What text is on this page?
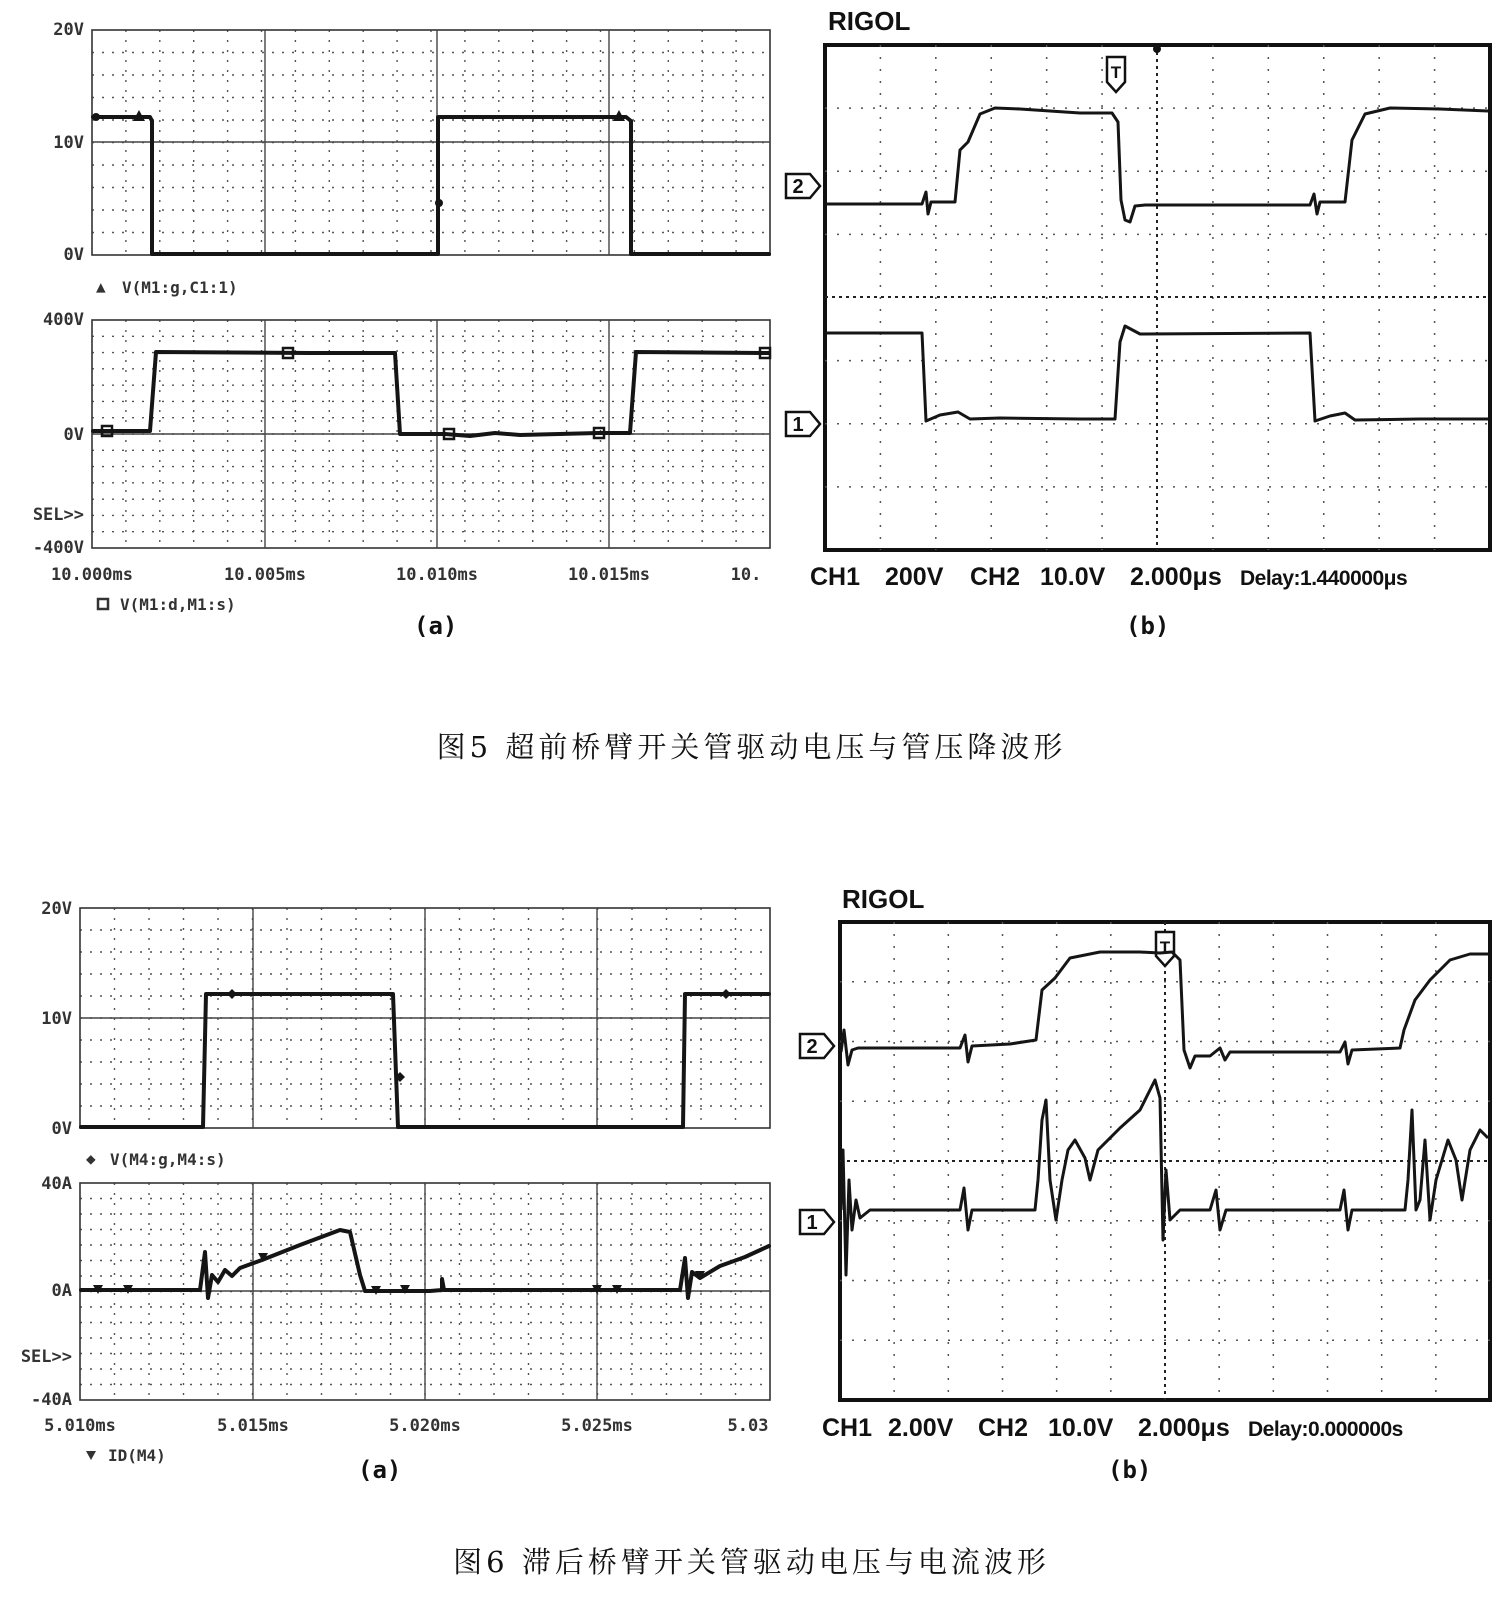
20V
10V
0V
▲ V(M1:g,C1:1)
400V
0V
SEL>>
-400V
10.000ms	10.005ms	10.010ms	10.015ms	10.
V(M1:d,M1:s)
(a)
RIGOL
T
2
1
CH1 200V CH2 10.0V 2.000μs Delay:1.440000μs
(b)
图5 超前桥臂开关管驱动电压与管压降波形
20V
10V
0V
◆ V(M4:g,M4:s)
40A
0A
SEL>>
-40A
5.010ms	5.015ms	5.020ms	5.025ms	5.03
ID(M4)
(a)
RIGOL
T
2
1
CH1 2.00V CH2 10.0V 2.000μs Delay:0.000000s
(b)
图6 滞后桥臂开关管驱动电压与电流波形
